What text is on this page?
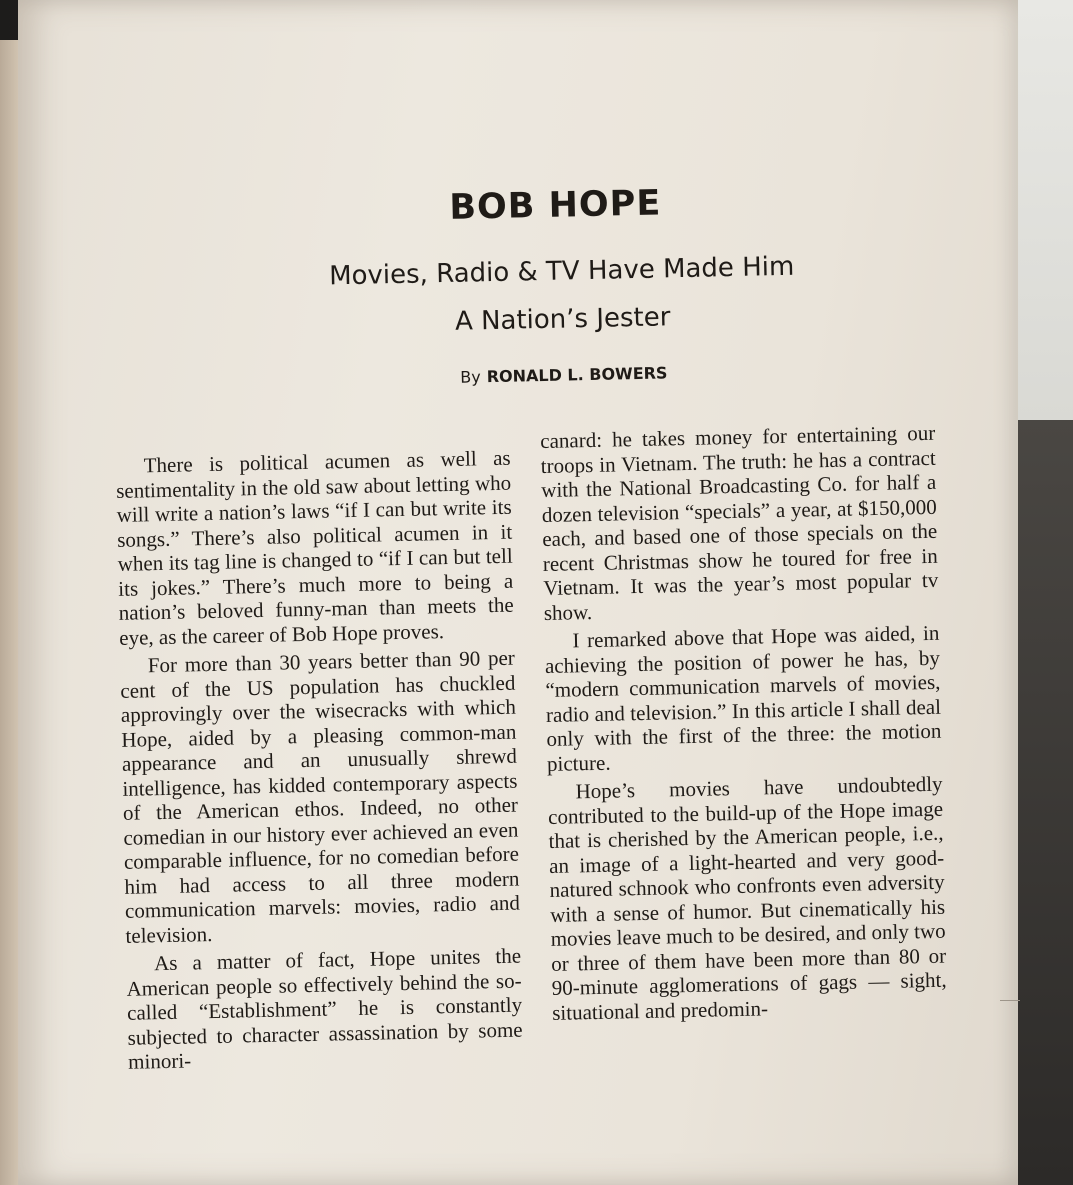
BOB HOPE

Movies, Radio & TV Have Made Him

A Nation’s Jester

By RONALD L. BOWERS

There is political acumen as well as sentimentality in the old saw about letting who will write a nation’s laws “if I can but write its songs.” There’s also political acumen in it when its tag line is changed to “if I can but tell its jokes.” There’s much more to being a nation’s beloved funny-man than meets the eye, as the career of Bob Hope proves.

For more than 30 years better than 90 per cent of the US population has chuckled approvingly over the wisecracks with which Hope, aided by a pleasing common-man appearance and an unusually shrewd intelligence, has kidded contemporary aspects of the American ethos. Indeed, no other comedian in our history ever achieved an even comparable influence, for no comedian before him had access to all three modern communication marvels: movies, radio and television.

As a matter of fact, Hope unites the American people so effectively behind the so-called “Establishment” he is constantly subjected to character assassination by some minori-

canard: he takes money for entertaining our troops in Vietnam. The truth: he has a contract with the National Broadcasting Co. for half a dozen television “specials” a year, at $150,000 each, and based one of those specials on the recent Christmas show he toured for free in Vietnam. It was the year’s most popular tv show.

I remarked above that Hope was aided, in achieving the position of power he has, by “modern communication marvels of movies, radio and television.” In this article I shall deal only with the first of the three: the motion picture.

Hope’s movies have undoubtedly contributed to the build-up of the Hope image that is cherished by the American people, i.e., an image of a light-hearted and very good-natured schnook who confronts even adversity with a sense of humor. But cinematically his movies leave much to be desired, and only two or three of them have been more than 80 or 90-minute agglomerations of gags — sight, situational and predomin-
